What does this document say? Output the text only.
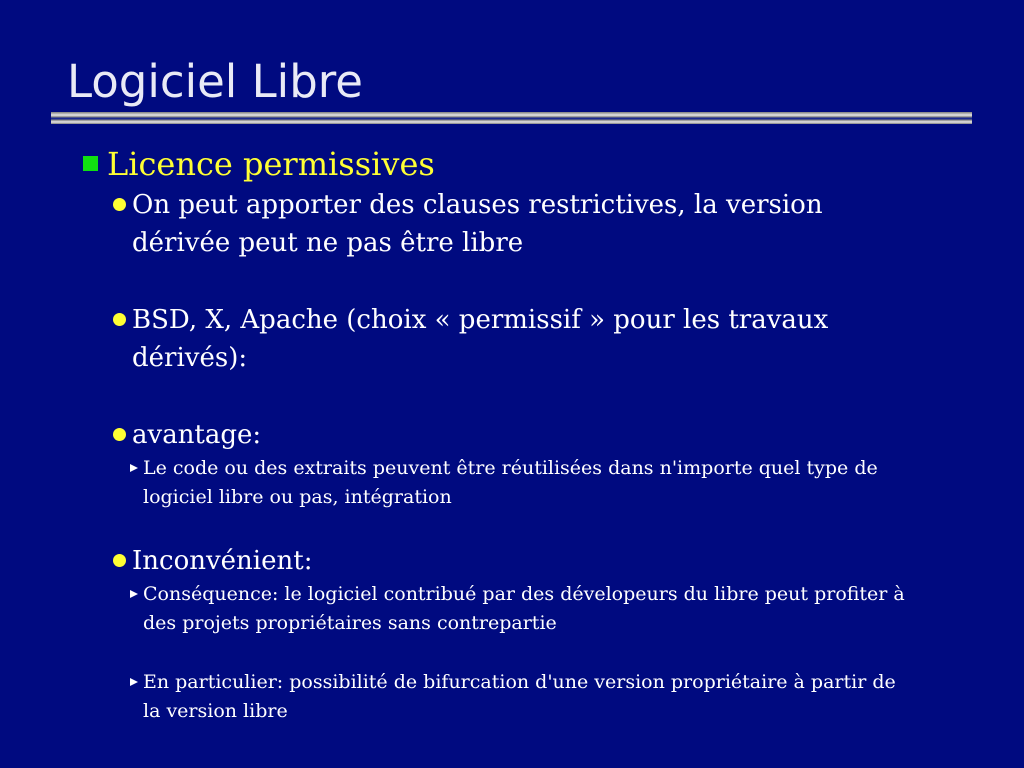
Logiciel Libre
Licence permissives
On peut apporter des clauses restrictives, la version
dérivée peut ne pas être libre
BSD, X, Apache (choix « permissif » pour les travaux
dérivés):
avantage:
Le code ou des extraits peuvent être réutilisées dans n'importe quel type de
logiciel libre ou pas, intégration
Inconvénient:
Conséquence: le logiciel contribué par des dévelopeurs du libre peut profiter à
des projets propriétaires sans contrepartie
En particulier: possibilité de bifurcation d'une version propriétaire à partir de
la version libre
